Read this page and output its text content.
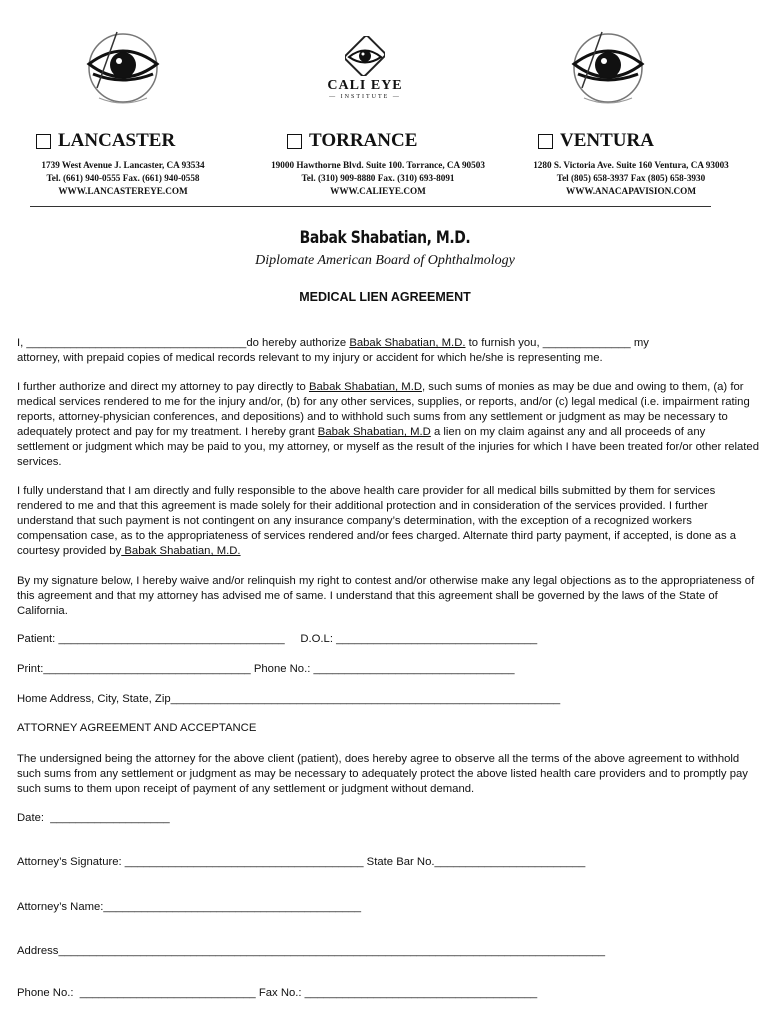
CALI EYE
— INSTITUTE —
LANCASTER	TORRANCE	VENTURA
1739 West Avenue J. Lancaster, CA 93534
Tel. (661) 940-0555 Fax. (661) 940-0558
WWW.LANCASTEREYE.COM
19000 Hawthorne Blvd. Suite 100. Torrance, CA 90503
Tel. (310) 909-8880 Fax. (310) 693-8091
WWW.CALIEYE.COM
1280 S. Victoria Ave. Suite 160 Ventura, CA 93003
Tel (805) 658-3937 Fax (805) 658-3930
WWW.ANACAPAVISION.COM
Babak Shabatian, M.D.
Diplomate American Board of Ophthalmology
MEDICAL LIEN AGREEMENT
I, ___________________________________do hereby authorize Babak Shabatian, M.D. to furnish you, ______________ my
attorney, with prepaid copies of medical records relevant to my injury or accident for which he/she is representing me.
I further authorize and direct my attorney to pay directly to Babak Shabatian, M.D, such sums of monies as may be due and owing to them, (a) for medical services rendered to me for the injury and/or, (b) for any other services, supplies, or reports, and/or (c) legal medical (i.e. impairment rating reports, attorney-physician conferences, and depositions) and to withhold such sums from any settlement or judgment as may be necessary to adequately protect and pay for my treatment. I hereby grant Babak Shabatian, M.D a lien on my claim against any and all proceeds of any settlement or judgment which may be paid to you, my attorney, or myself as the result of the injuries for which I have been treated for/or other related services.
I fully understand that I am directly and fully responsible to the above health care provider for all medical bills submitted by them for services rendered to me and that this agreement is made solely for their additional protection and in consideration of the services provided. I further understand that such payment is not contingent on any insurance company’s determination, with the exception of a recognized workers compensation case, as to the appropriateness of services rendered and/or fees charged. Alternate third party payment, if accepted, is done as a courtesy provided by Babak Shabatian, M.D.
By my signature below, I hereby waive and/or relinquish my right to contest and/or otherwise make any legal objections as to the appropriateness of this agreement and that my attorney has advised me of same. I understand that this agreement shall be governed by the laws of the State of California.
Patient: ____________________________________     D.O.L: ________________________________
Print:_________________________________ Phone No.: ________________________________
Home Address, City, State, Zip______________________________________________________________
ATTORNEY AGREEMENT AND ACCEPTANCE
The undersigned being the attorney for the above client (patient), does hereby agree to observe all the terms of the above agreement to withhold such sums from any settlement or judgment as may be necessary to adequately protect the above listed health care providers and to promptly pay such sums to them upon receipt of payment of any settlement or judgment without demand.
Date:  ___________________
Attorney’s Signature: ______________________________________ State Bar No.________________________
Attorney’s Name:_________________________________________
Address_______________________________________________________________________________________
Phone No.:  ____________________________ Fax No.: _____________________________________
